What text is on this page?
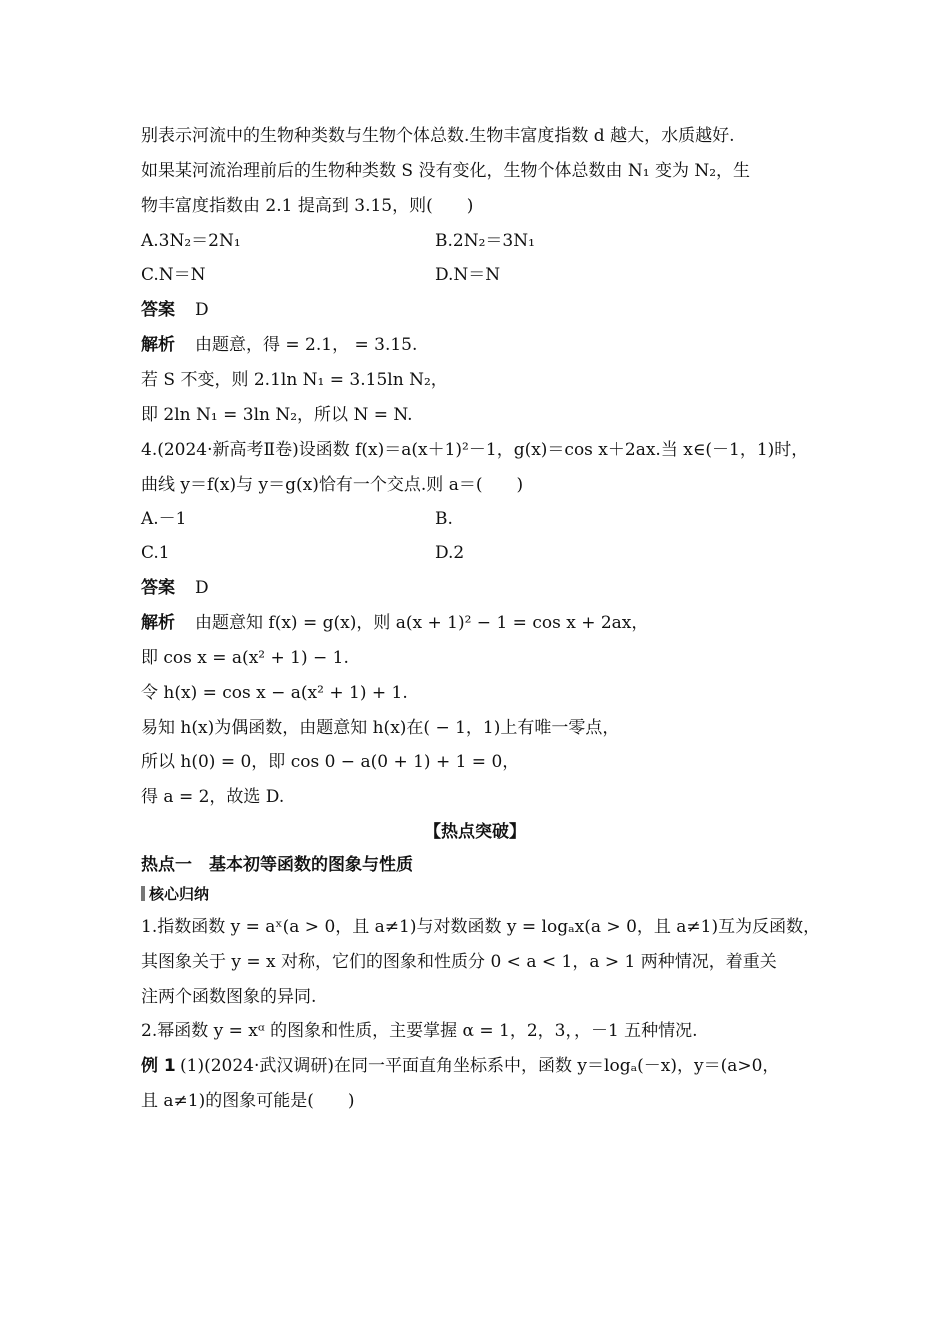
别表示河流中的生物种类数与生物个体总数.生物丰富度指数 d 越大，水质越好.
如果某河流治理前后的生物种类数 S 没有变化，生物个体总数由 N₁ 变为 N₂，生
物丰富度指数由 2.1 提高到 3.15，则(　　)
A.3N₂＝2N₁	B.2N₂＝3N₁
C.N＝N	D.N＝N
答案 D
解析 由题意，得 = 2.1， = 3.15.
若 S 不变，则 2.1ln N₁ = 3.15ln N₂，
即 2ln N₁ = 3ln N₂，所以 N = N.
4.(2024·新高考Ⅱ卷)设函数 f(x)＝a(x＋1)²－1，g(x)＝cos x＋2ax.当 x∈(－1，1)时，
曲线 y＝f(x)与 y＝g(x)恰有一个交点.则 a＝(　　)
A.－1	B.
C.1	D.2
答案 D
解析 由题意知 f(x) = g(x)，则 a(x + 1)² − 1 = cos x + 2ax，
即 cos x = a(x² + 1) − 1.
令 h(x) = cos x − a(x² + 1) + 1.
易知 h(x)为偶函数，由题意知 h(x)在( − 1，1)上有唯一零点，
所以 h(0) = 0，即 cos 0 − a(0 + 1) + 1 = 0，
得 a = 2，故选 D.
【热点突破】
热点一　基本初等函数的图象与性质
核心归纳
1.指数函数 y = aˣ(a > 0，且 a≠1)与对数函数 y = logₐx(a > 0，且 a≠1)互为反函数，
其图象关于 y = x 对称，它们的图象和性质分 0 < a < 1，a > 1 两种情况，着重关
注两个函数图象的异同.
2.幂函数 y = xᵅ 的图象和性质，主要掌握 α = 1，2，3，，－1 五种情况.
例 1  (1)(2024·武汉调研)在同一平面直角坐标系中，函数 y＝logₐ(－x)，y＝(a>0，
且 a≠1)的图象可能是(　　)
